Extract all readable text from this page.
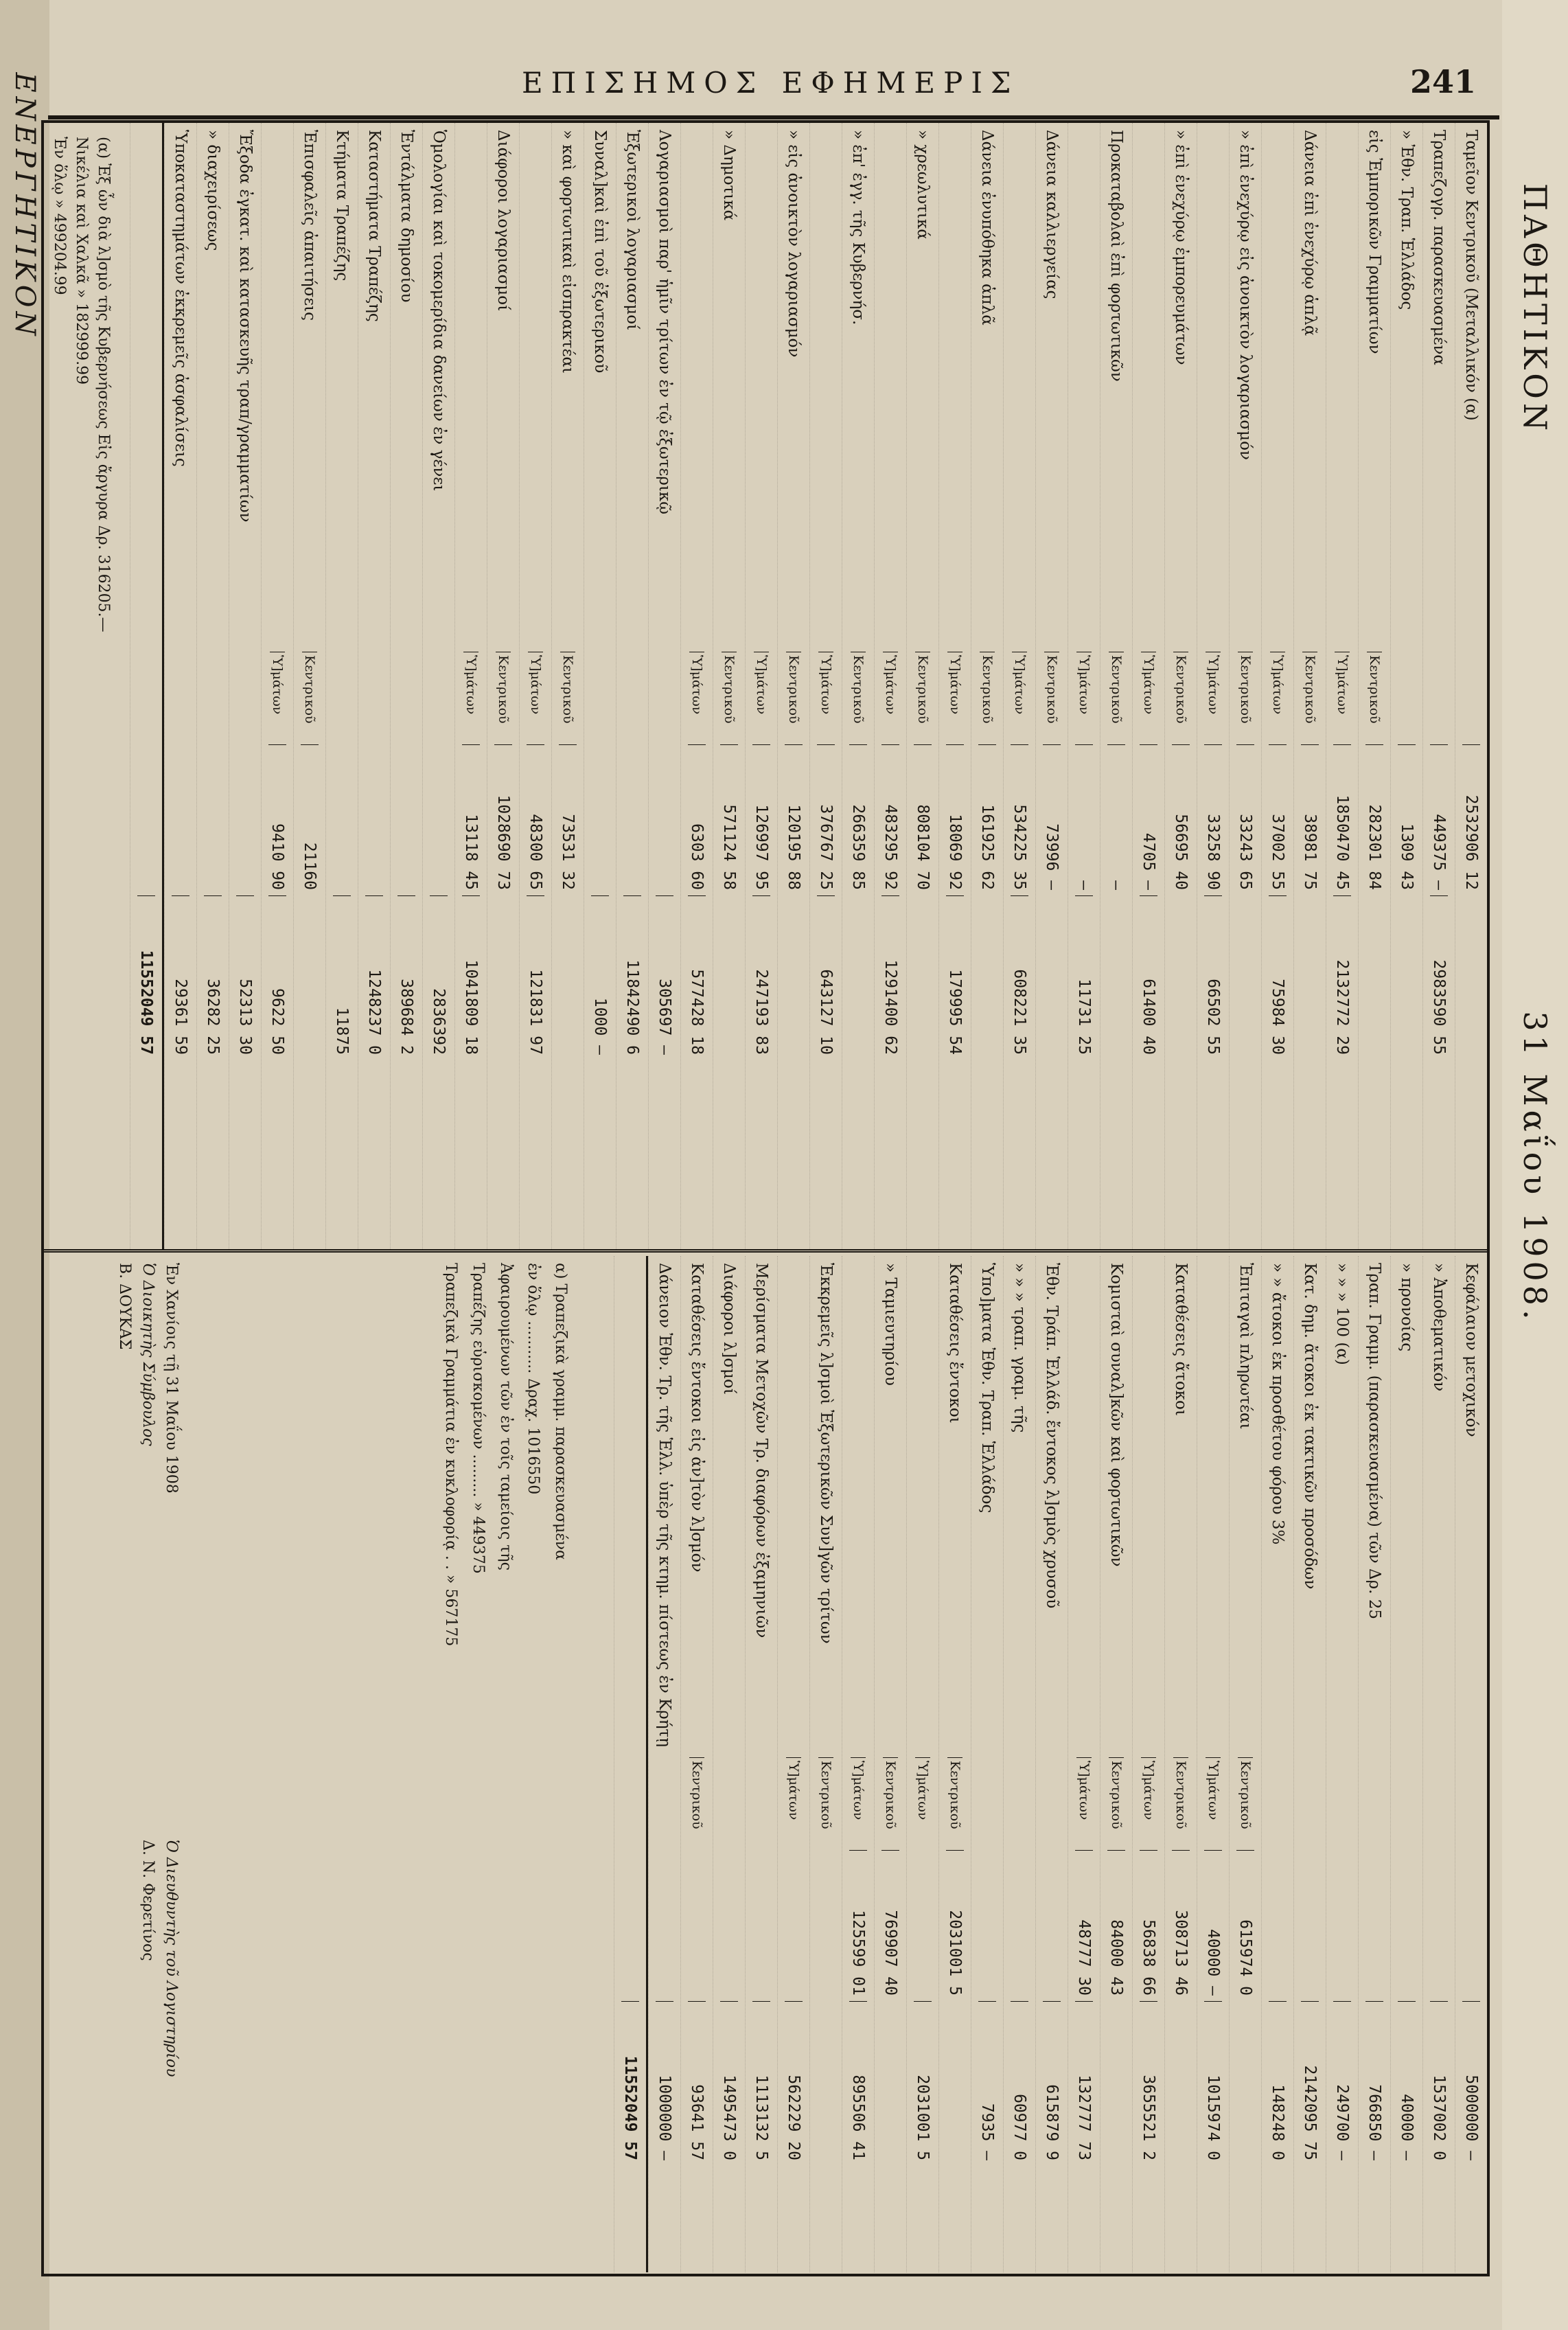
ΕΝΕΡΓΗΤΙΚΟΝ	ΠΑΘΗΤΙΚΟΝ
31 Μαΐου 1908.
ΕΠΙΣΗΜΟΣ ΕΦΗΜΕΡΙΣ	241
Ταμεῖον Κεντρικοῦ (Μεταλλικόν (α)
2532906 12
Τραπεζογρ. παρασκευασμένα
449375 —
2983590 55
» Ἐθν. Τραπ. Ἑλλάδος
1309 43
εἰς Ἐμπορικῶν Γραμματίων
Κεντρικοῦ
282301 84
Ὑ]μάτων
1850470 45
2132772 29
Δάνεια ἐπὶ ἐνεχύρῳ ἁπλᾷ
Κεντρικοῦ
38981 75
Ὑ]μάτων
37002 55
75984 30
» ἐπὶ ἐνεχύρῳ εἰς ἀνοικτὸν λογαριασμόν
Κεντρικοῦ
33243 65
Ὑ]μάτων
33258 90
66502 55
» ἐπὶ ἐνεχύρῳ ἐμπορευμάτων
Κεντρικοῦ
56695 40
Ὑ]μάτων
4705 —
61400 40
Προκαταβολαὶ ἐπὶ φορτωτικῶν
Κεντρικοῦ
—
Ὑ]μάτων
—
11731 25
Δάνεια καλλιεργείας
Κεντρικοῦ
73996 —
Ὑ]μάτων
534225 35
608221 35
Δάνεια ἐνυπόθηκα ἁπλᾶ
Κεντρικοῦ
161925 62
Ὑ]μάτων
18069 92
179995 54
» χρεωλυτικά
Κεντρικοῦ
808104 70
Ὑ]μάτων
483295 92
1291400 62
» ἐπ' ἐγγ. τῆς Κυβερνήσ.
Κεντρικοῦ
266359 85
Ὑ]μάτων
376767 25
643127 10
» εἰς ἀνοικτὸν λογαριασμόν
Κεντρικοῦ
120195 88
Ὑ]μάτων
126997 95
247193 83
» Δημοτικά
Κεντρικοῦ
571124 58
Ὑ]μάτων
6303 60
577428 18
Λογαριασμοὶ παρ' ἡμῖν τρίτων ἐν τῷ ἐξωτερικῷ
305697 —
Ἐξωτερικοὶ λογαριασμοί
11842490 6
Συναλ]καὶ ἐπὶ τοῦ ἐξωτερικοῦ
1000 —
» καὶ φορτωτικαὶ εἰσπρακτέαι
Κεντρικοῦ
73531 32
Ὑ]μάτων
48300 65
121831 97
Διάφοροι λογαριασμοί
Κεντρικοῦ
1028690 73
Ὑ]μάτων
13118 45
1041809 18
Ὁμολογίαι καὶ τοκομερίδια δανείων ἐν γένει
2836392
Ἐντάλματα δημοσίου
389684 2
Καταστήματα Τραπέζης
1248237 0
Κτήματα Τραπέζης
11875
Ἐπισφαλεῖς ἀπαιτήσεις
Κεντρικοῦ
21160
Ὑ]μάτων
9410 90
9622 50
Ἔξοδα ἐγκατ. καὶ κατασκευῆς τραπ/γραμματίων
52313 30
» διαχειρίσεως
36282 25
Ὑποκαταστημάτων ἐκκρεμεῖς ἀσφαλίσεις
29361 59
11552049 57
Κεφάλαιον μετοχικόν
5000000 —
» Ἀποθεματικόν
1537002 0
» προνοίας
40000 —
Τραπ. Γραμμ. (παρασκευασμένα) τῶν Δρ. 25
766850 —
» » » 100 (α)
249700 —
Κατ. δημ. ἄτοκοι ἐκ τακτικῶν προσόδων
2142095 75
» » ἄτοκοι ἐκ προσθέτου φόρου 3%
148248 0
Ἐπιταγαὶ πληρωτέαι
Κεντρικοῦ
615974 0
Ὑ]μάτων
40000 —
1015974 0
Καταθέσεις ἄτοκοι
Κεντρικοῦ
308713 46
Ὑ]μάτων
56838 66
3655521 2
Κομισταὶ συναλ]κῶν καὶ φορτωτικῶν
Κεντρικοῦ
84000 43
Ὑ]μάτων
48777 30
132777 73
Ἐθν. Τράπ. Ἑλλάδ. ἔντοκος λ]σμὸς χρυσοῦ
615879 9
» » » τραπ. γραμ. τῆς
60977 0
Ὑπο]ματα Ἐθν. Τραπ. Ἑλλάδος
7935 —
Καταθέσεις ἔντοκοι
Κεντρικοῦ
2031001 5
Ὑ]μάτων
2031001 5
» Ταμιευτηρίου
Κεντρικοῦ
769907 40
Ὑ]μάτων
125599 01
895506 41
Ἐκκρεμεῖς λ]σμοὶ Ἐξωτερικῶν Συν]γῶν τρίτων
Κεντρικοῦ
Ὑ]μάτων
562229 20
Μερίσματα Μετοχῶν Τρ. διαφόρων ἐξαμηνιῶν
1113132 5
Διάφοροι λ]σμοί
1495473 0
Καταθέσεις ἔντοκοι εἰς ἀν]τὸν λ]σμόν
Κεντρικοῦ
93641 57
Δάνειον Ἐθν. Τρ. τῆς Ἑλλ. ὑπὲρ τῆς κτημ. πίστεως ἐν Κρήτῃ
1000000 —
11552049 57
α) Τραπεζικὰ γραμμ. παρασκευασμένα
ἐν ὅλῳ ........... Δραχ. 1016550
Ἀφαιρουμένων τῶν ἐν τοῖς ταμείοις τῆς
Τραπέζης εὑρισκομένων ......... » 449375
Τραπεζικὰ Γραμμάτια ἐν κυκλοφορίᾳ . . » 567175
(α) Ἐξ ὧν διὰ λ]σμὸ τῆς Κυβερνήσεως Εἰς ἄργυρα Δρ. 316205.—
Νικέλια καὶ Χαλκᾶ » 182999.99
Ἐν ὅλῳ » 499204.99
Ἐν Χανίοις τῇ 31 Μαΐου 1908
Ὁ Διοικητὴς Σύμβουλος
Β. ΔΟΥΚΑΣ
Ὁ Διευθυντὴς τοῦ Λογιστηρίου
Δ. Ν. Φερετίνος
